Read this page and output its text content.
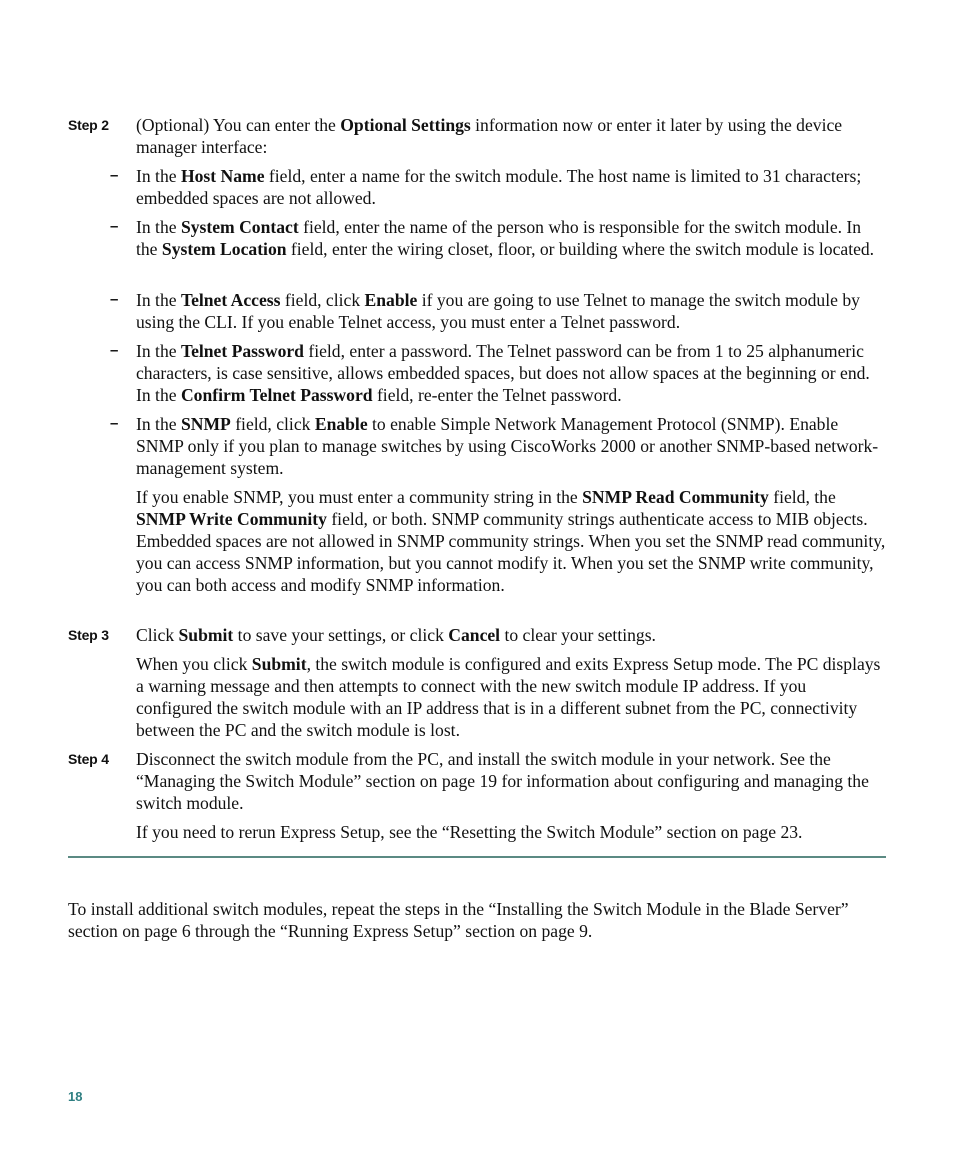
Step 2	(Optional) You can enter the Optional Settings information now or enter it later by using the device manager interface:

– In the Host Name field, enter a name for the switch module. The host name is limited to 31 characters; embedded spaces are not allowed.

– In the System Contact field, enter the name of the person who is responsible for the switch module. In the System Location field, enter the wiring closet, floor, or building where the switch module is located.

– In the Telnet Access field, click Enable if you are going to use Telnet to manage the switch module by using the CLI. If you enable Telnet access, you must enter a Telnet password.

– In the Telnet Password field, enter a password. The Telnet password can be from 1 to 25 alphanumeric characters, is case sensitive, allows embedded spaces, but does not allow spaces at the beginning or end. In the Confirm Telnet Password field, re-enter the Telnet password.

– In the SNMP field, click Enable to enable Simple Network Management Protocol (SNMP). Enable SNMP only if you plan to manage switches by using CiscoWorks 2000 or another SNMP-based network-management system.

If you enable SNMP, you must enter a community string in the SNMP Read Community field, the SNMP Write Community field, or both. SNMP community strings authenticate access to MIB objects. Embedded spaces are not allowed in SNMP community strings. When you set the SNMP read community, you can access SNMP information, but you cannot modify it. When you set the SNMP write community, you can both access and modify SNMP information.

Step 3	Click Submit to save your settings, or click Cancel to clear your settings.

When you click Submit, the switch module is configured and exits Express Setup mode. The PC displays a warning message and then attempts to connect with the new switch module IP address. If you configured the switch module with an IP address that is in a different subnet from the PC, connectivity between the PC and the switch module is lost.

Step 4	Disconnect the switch module from the PC, and install the switch module in your network. See the “Managing the Switch Module” section on page 19 for information about configuring and managing the switch module.

If you need to rerun Express Setup, see the “Resetting the Switch Module” section on page 23.

To install additional switch modules, repeat the steps in the “Installing the Switch Module in the Blade Server” section on page 6 through the “Running Express Setup” section on page 9.

18
